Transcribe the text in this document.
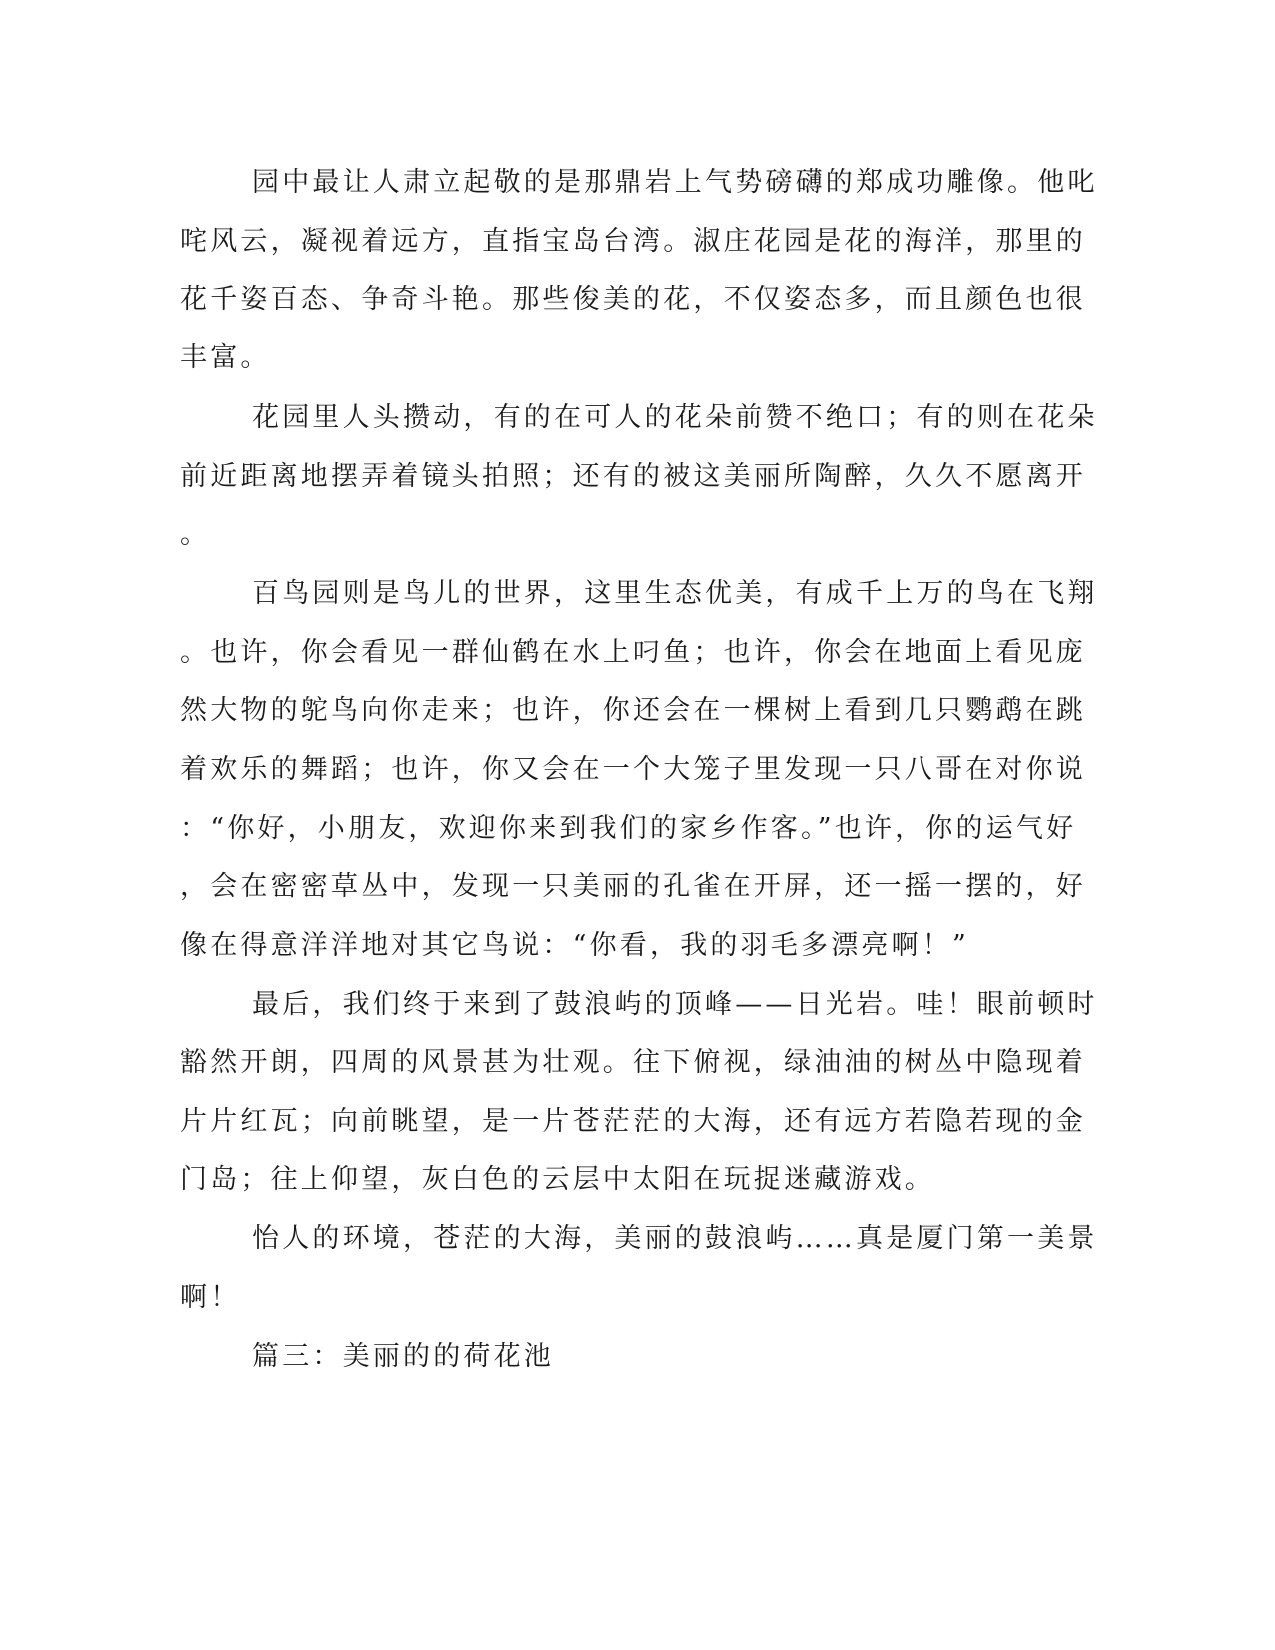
园中最让人肃立起敬的是那鼎岩上气势磅礴的郑成功雕像。他叱
咤风云，凝视着远方，直指宝岛台湾。淑庄花园是花的海洋，那里的
花千姿百态、争奇斗艳。那些俊美的花，不仅姿态多，而且颜色也很
丰富。
花园里人头攒动，有的在可人的花朵前赞不绝口；有的则在花朵
前近距离地摆弄着镜头拍照；还有的被这美丽所陶醉，久久不愿离开
。
百鸟园则是鸟儿的世界，这里生态优美，有成千上万的鸟在飞翔
。也许，你会看见一群仙鹤在水上叼鱼；也许，你会在地面上看见庞
然大物的鸵鸟向你走来；也许，你还会在一棵树上看到几只鹦鹉在跳
着欢乐的舞蹈；也许，你又会在一个大笼子里发现一只八哥在对你说
：“你好，小朋友，欢迎你来到我们的家乡作客。”也许，你的运气好
，会在密密草丛中，发现一只美丽的孔雀在开屏，还一摇一摆的，好
像在得意洋洋地对其它鸟说：“你看，我的羽毛多漂亮啊！”
最后，我们终于来到了鼓浪屿的顶峰——日光岩。哇！眼前顿时
豁然开朗，四周的风景甚为壮观。往下俯视，绿油油的树丛中隐现着
片片红瓦；向前眺望，是一片苍茫茫的大海，还有远方若隐若现的金
门岛；往上仰望，灰白色的云层中太阳在玩捉迷藏游戏。
怡人的环境，苍茫的大海，美丽的鼓浪屿……真是厦门第一美景
啊！
篇三：美丽的的荷花池
